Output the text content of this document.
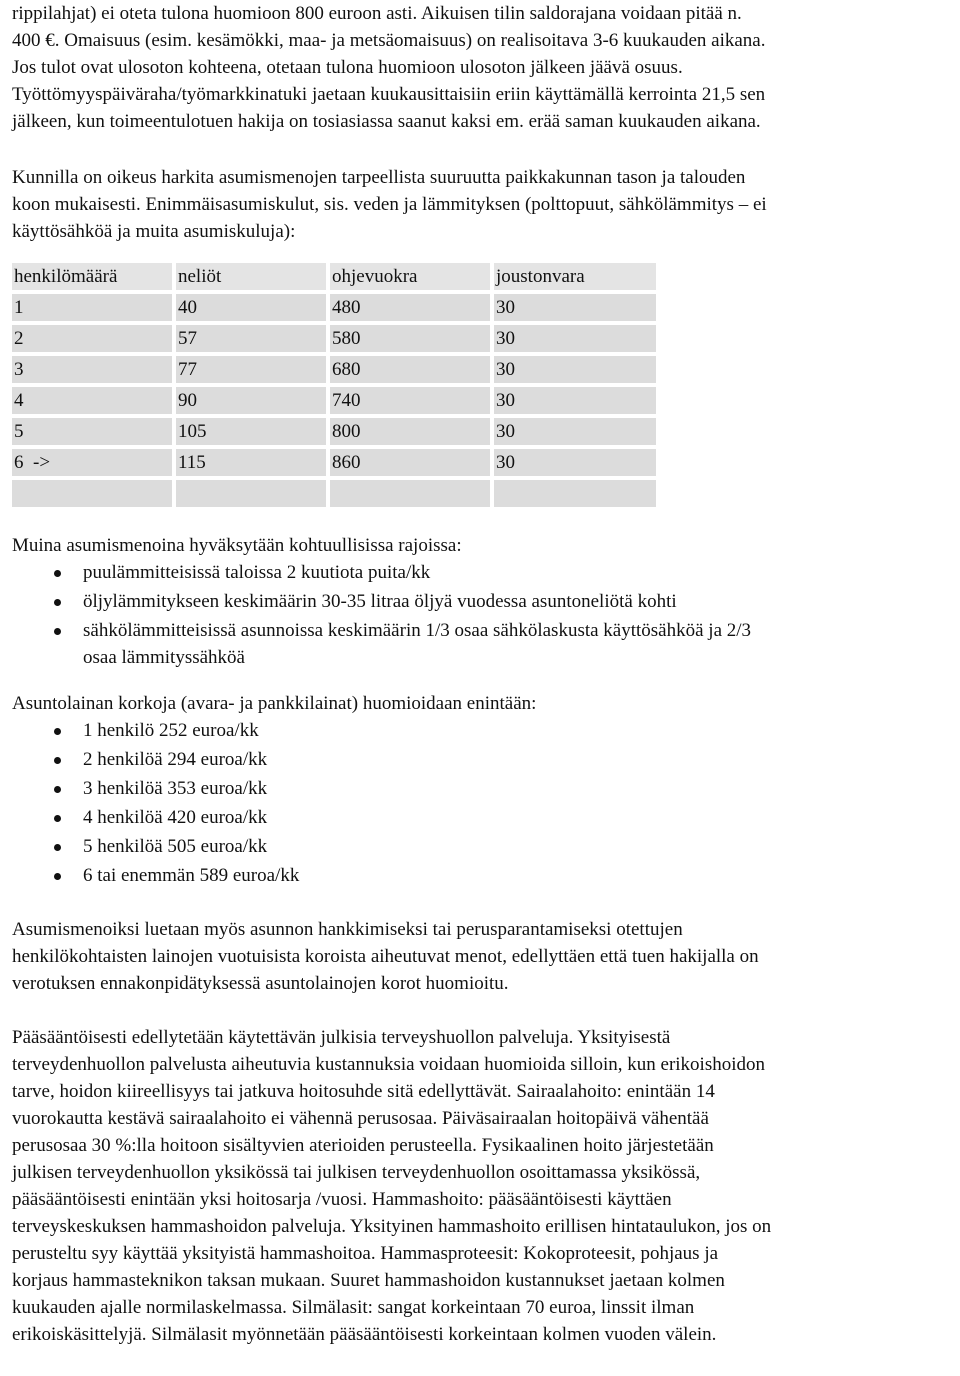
rippilahjat) ei oteta tulona huomioon 800 euroon asti. Aikuisen tilin saldorajana voidaan pitää n.

400 €. Omaisuus (esim. kesämökki, maa- ja metsäomaisuus) on realisoitava 3-6 kuukauden aikana.

Jos tulot ovat ulosoton kohteena, otetaan tulona huomioon ulosoton jälkeen jäävä osuus.

Työttömyyspäiväraha/työmarkkinatuki jaetaan kuukausittaisiin eriin käyttämällä kerrointa 21,5 sen

jälkeen, kun toimeentulotuen hakija on tosiasiassa saanut kaksi em. erää saman kuukauden aikana.

Kunnilla on oikeus harkita asumismenojen tarpeellista suuruutta paikkakunnan tason ja talouden

koon mukaisesti. Enimmäisasumiskulut, sis. veden ja lämmityksen (polttopuut, sähkölämmitys – ei

käyttösähköä ja muita asumiskuluja):

henkilömäärä	neliöt	ohjevuokra	joustonvara
1	40	480	30
2	57	580	30
3	77	680	30
4	90	740	30
5	105	800	30
6  ->	115	860	30

Muina asumismenoina hyväksytään kohtuullisissa rajoissa:

puulämmitteisissä taloissa 2 kuutiota puita/kk
öljylämmitykseen keskimäärin 30-35 litraa öljyä vuodessa asuntoneliötä kohti
sähkölämmitteisissä asunnoissa keskimäärin 1/3 osaa sähkölaskusta käyttösähköä ja 2/3
osaa lämmityssähköä

Asuntolainan korkoja (avara- ja pankkilainat) huomioidaan enintään:

1 henkilö 252 euroa/kk
2 henkilöä 294 euroa/kk
3 henkilöä 353 euroa/kk
4 henkilöä 420 euroa/kk
5 henkilöä 505 euroa/kk
6 tai enemmän 589 euroa/kk

Asumismenoiksi luetaan myös asunnon hankkimiseksi tai perusparantamiseksi otettujen

henkilökohtaisten lainojen vuotuisista koroista aiheutuvat menot, edellyttäen että tuen hakijalla on

verotuksen ennakonpidätyksessä asuntolainojen korot huomioitu.

Pääsääntöisesti edellytetään käytettävän julkisia terveyshuollon palveluja. Yksityisestä

terveydenhuollon palvelusta aiheutuvia kustannuksia voidaan huomioida silloin, kun erikoishoidon

tarve, hoidon kiireellisyys tai jatkuva hoitosuhde sitä edellyttävät. Sairaalahoito: enintään 14

vuorokautta kestävä sairaalahoito ei vähennä perusosaa. Päiväsairaalan hoitopäivä vähentää

perusosaa 30 %:lla hoitoon sisältyvien aterioiden perusteella. Fysikaalinen hoito järjestetään

julkisen terveydenhuollon yksikössä tai julkisen terveydenhuollon osoittamassa yksikössä,

pääsääntöisesti enintään yksi hoitosarja /vuosi. Hammashoito: pääsääntöisesti käyttäen

terveyskeskuksen hammashoidon palveluja. Yksityinen hammashoito erillisen hintataulukon, jos on

perusteltu syy käyttää yksityistä hammashoitoa. Hammasproteesit: Kokoproteesit, pohjaus ja

korjaus hammasteknikon taksan mukaan. Suuret hammashoidon kustannukset jaetaan kolmen

kuukauden ajalle normilaskelmassa. Silmälasit: sangat korkeintaan 70 euroa, linssit ilman

erikoiskäsittelyjä. Silmälasit myönnetään pääsääntöisesti korkeintaan kolmen vuoden välein.
